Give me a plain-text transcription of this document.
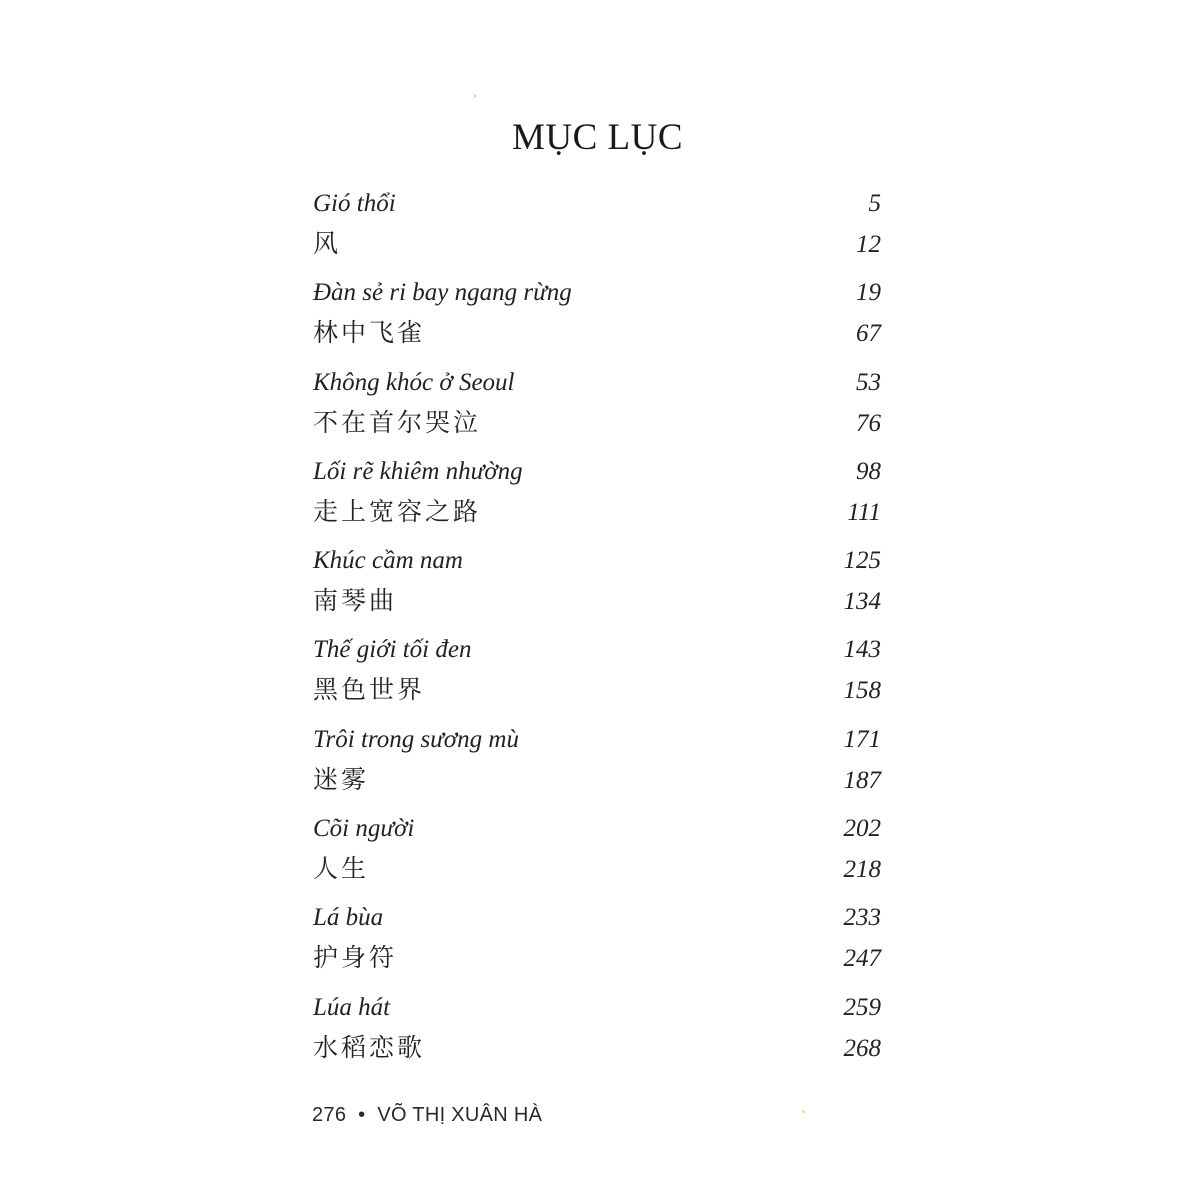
MỤC LỤC
Gió thổi	5
风	12
Đàn sẻ ri bay ngang rừng	19
林中飞雀	67
Không khóc ở Seoul	53
不在首尔哭泣	76
Lối rẽ khiêm nhường	98
走上宽容之路	111
Khúc cầm nam	125
南琴曲	134
Thế giới tối đen	143
黑色世界	158
Trôi trong sương mù	171
迷雾	187
Cõi người	202
人生	218
Lá bùa	233
护身符	247
Lúa hát	259
水稻恋歌	268
276 • VÕ THỊ XUÂN HÀ
